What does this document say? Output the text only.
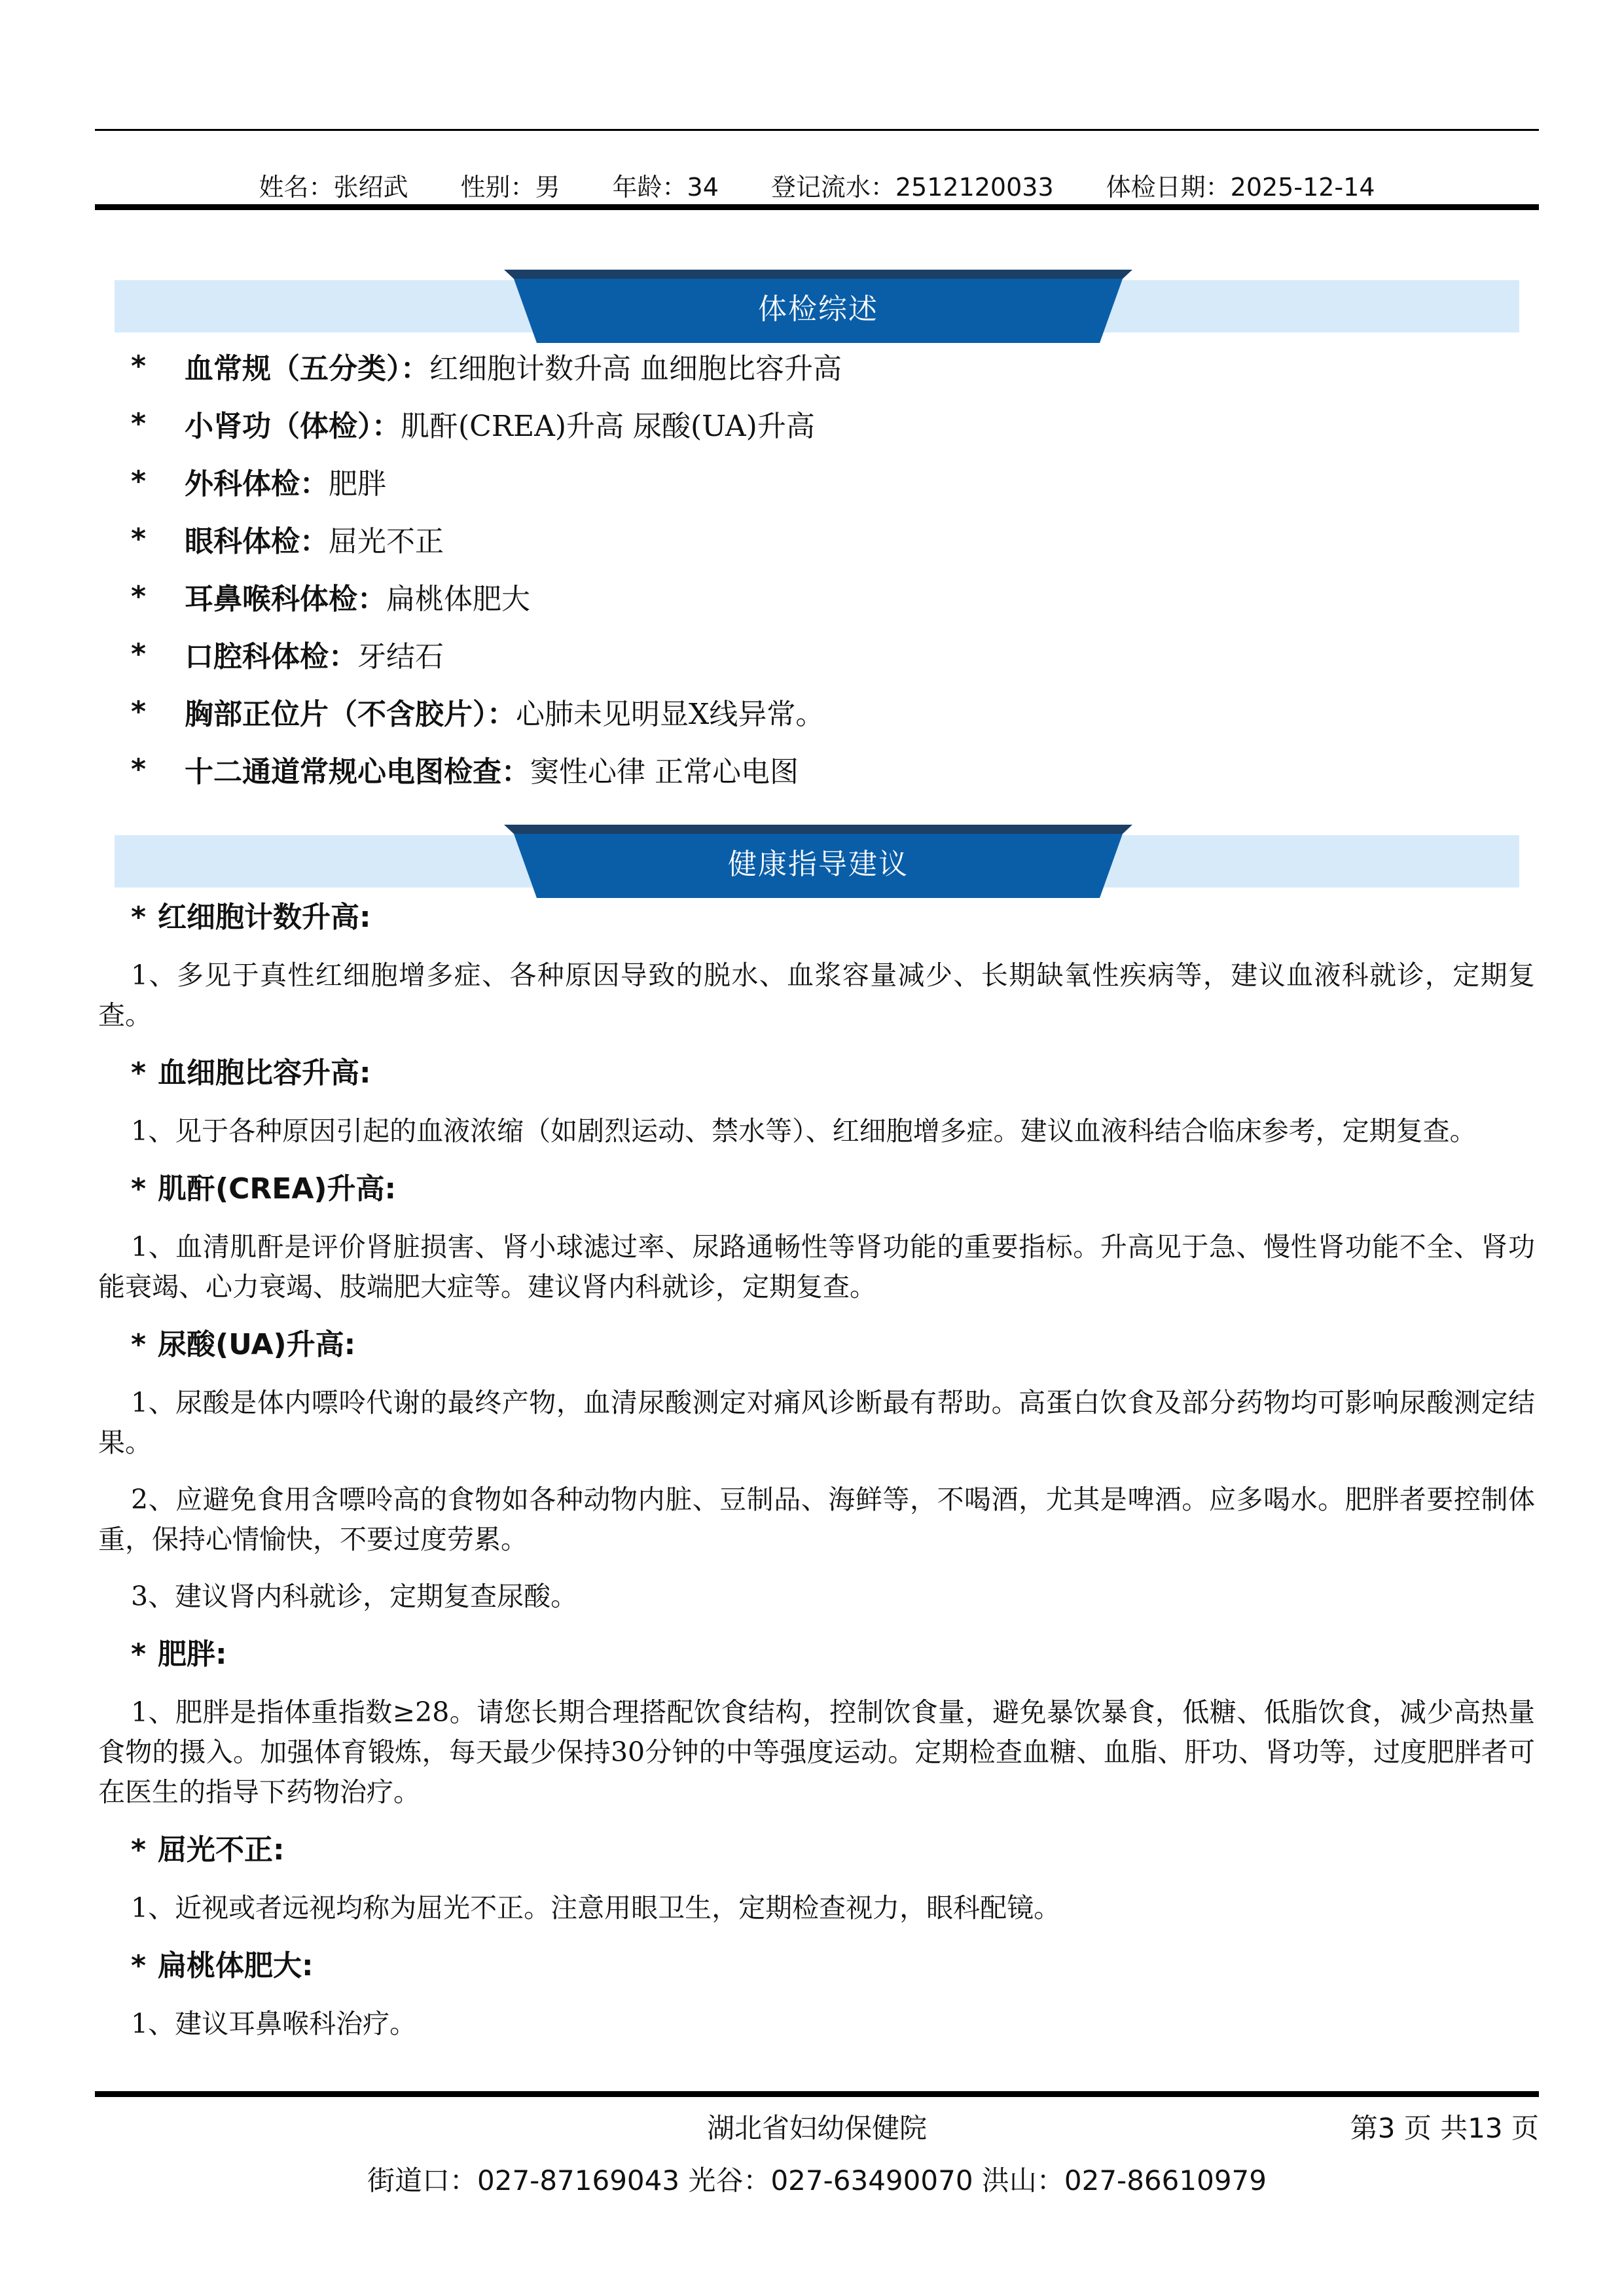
姓名：张绍武 性别：男 年龄：34 登记流水：2512120033 体检日期：2025-12-14
体检综述
*	血常规（五分类）： 红细胞计数升高 血细胞比容升高
*	小肾功（体检）： 肌酐(CREA)升高 尿酸(UA)升高
*	外科体检： 肥胖
*	眼科体检： 屈光不正
*	耳鼻喉科体检： 扁桃体肥大
*	口腔科体检： 牙结石
*	胸部正位片（不含胶片）： 心肺未见明显X线异常。
*	十二通道常规心电图检查： 窦性心律 正常心电图
健康指导建议
* 红细胞计数升高:

1、多见于真性红细胞增多症、各种原因导致的脱水、血浆容量减少、长期缺氧性疾病等，建议血液科就诊，定期复查。

* 血细胞比容升高:

1、见于各种原因引起的血液浓缩（如剧烈运动、禁水等）、红细胞增多症。建议血液科结合临床参考，定期复查。

* 肌酐(CREA)升高:

1、血清肌酐是评价肾脏损害、肾小球滤过率、尿路通畅性等肾功能的重要指标。升高见于急、慢性肾功能不全、肾功能衰竭、心力衰竭、肢端肥大症等。建议肾内科就诊，定期复查。

* 尿酸(UA)升高:

1、尿酸是体内嘌呤代谢的最终产物，血清尿酸测定对痛风诊断最有帮助。高蛋白饮食及部分药物均可影响尿酸测定结果。

2、应避免食用含嘌呤高的食物如各种动物内脏、豆制品、海鲜等，不喝酒，尤其是啤酒。应多喝水。肥胖者要控制体重，保持心情愉快，不要过度劳累。

3、建议肾内科就诊，定期复查尿酸。

* 肥胖:

1、肥胖是指体重指数≥28。请您长期合理搭配饮食结构，控制饮食量，避免暴饮暴食，低糖、低脂饮食，减少高热量食物的摄入。加强体育锻炼，每天最少保持30分钟的中等强度运动。定期检查血糖、血脂、肝功、肾功等，过度肥胖者可在医生的指导下药物治疗。

* 屈光不正:

1、近视或者远视均称为屈光不正。注意用眼卫生，定期检查视力，眼科配镜。

* 扁桃体肥大:

1、建议耳鼻喉科治疗。

湖北省妇幼保健院	第3 页 共13 页
街道口：027-87169043 光谷：027-63490070 洪山：027-86610979
